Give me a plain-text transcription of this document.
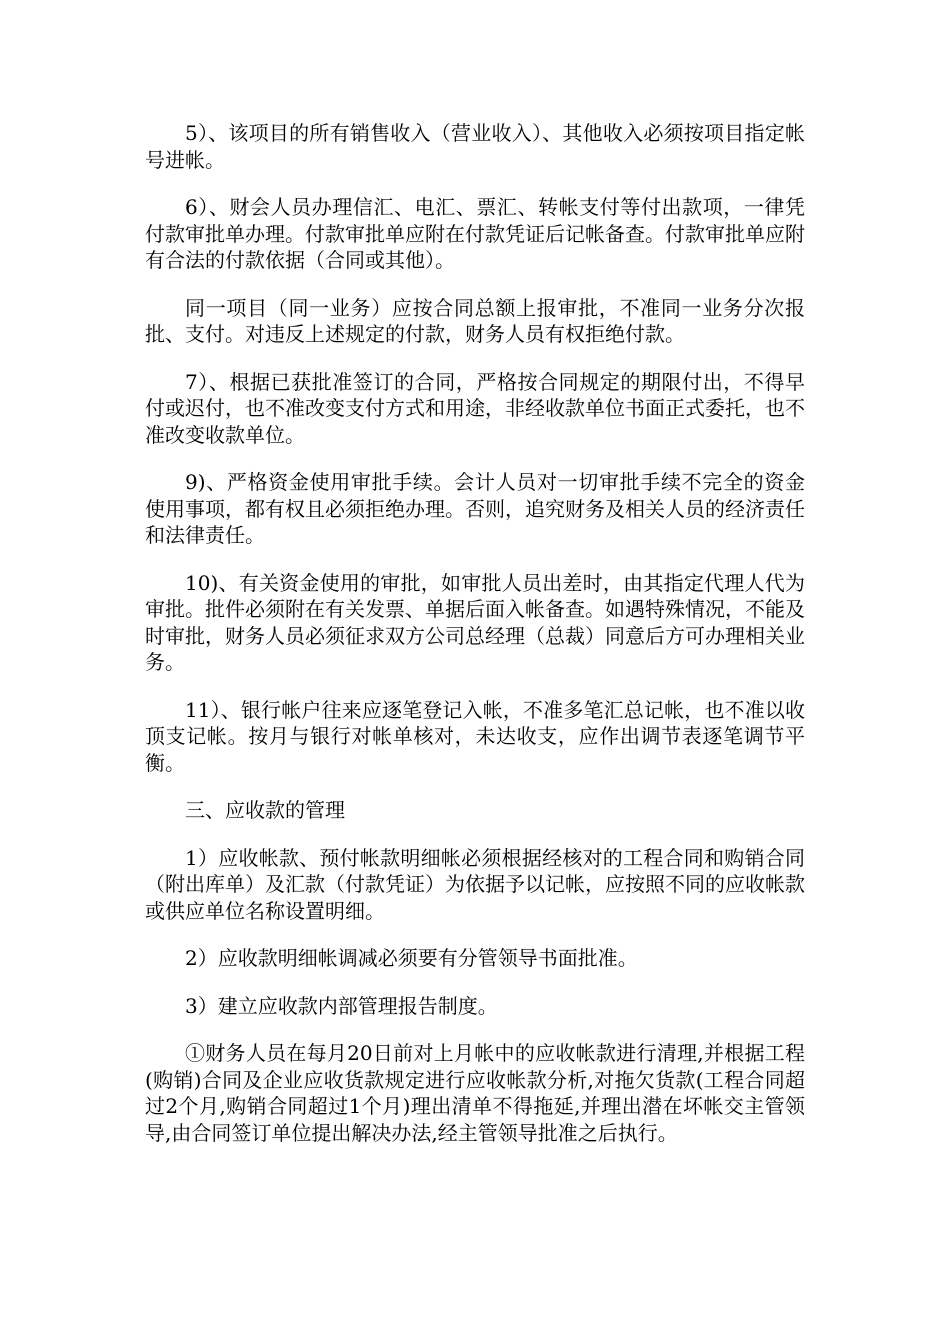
5）、该项目的所有销售收入（营业收入）、其他收入必须按项目指定帐号进帐。

6）、财会人员办理信汇、电汇、票汇、转帐支付等付出款项，一律凭付款审批单办理。付款审批单应附在付款凭证后记帐备查。付款审批单应附有合法的付款依据（合同或其他）。

同一项目（同一业务）应按合同总额上报审批，不准同一业务分次报批、支付。对违反上述规定的付款，财务人员有权拒绝付款。

7）、根据已获批准签订的合同，严格按合同规定的期限付出，不得早付或迟付，也不准改变支付方式和用途，非经收款单位书面正式委托，也不准改变收款单位。

9)、严格资金使用审批手续。会计人员对一切审批手续不完全的资金使用事项，都有权且必须拒绝办理。否则，追究财务及相关人员的经济责任和法律责任。

10)、有关资金使用的审批，如审批人员出差时，由其指定代理人代为审批。批件必须附在有关发票、单据后面入帐备查。如遇特殊情况，不能及时审批，财务人员必须征求双方公司总经理（总裁）同意后方可办理相关业务。

11）、银行帐户往来应逐笔登记入帐，不准多笔汇总记帐，也不准以收顶支记帐。按月与银行对帐单核对，未达收支，应作出调节表逐笔调节平衡。

三、应收款的管理

1）应收帐款、预付帐款明细帐必须根据经核对的工程合同和购销合同（附出库单）及汇款（付款凭证）为依据予以记帐，应按照不同的应收帐款或供应单位名称设置明细。

2）应收款明细帐调减必须要有分管领导书面批准。

3）建立应收款内部管理报告制度。

①财务人员在每月20日前对上月帐中的应收帐款进行清理,并根据工程(购销)合同及企业应收货款规定进行应收帐款分析,对拖欠货款(工程合同超过2个月,购销合同超过1个月)理出清单不得拖延,并理出潜在坏帐交主管领导,由合同签订单位提出解决办法,经主管领导批准之后执行。
